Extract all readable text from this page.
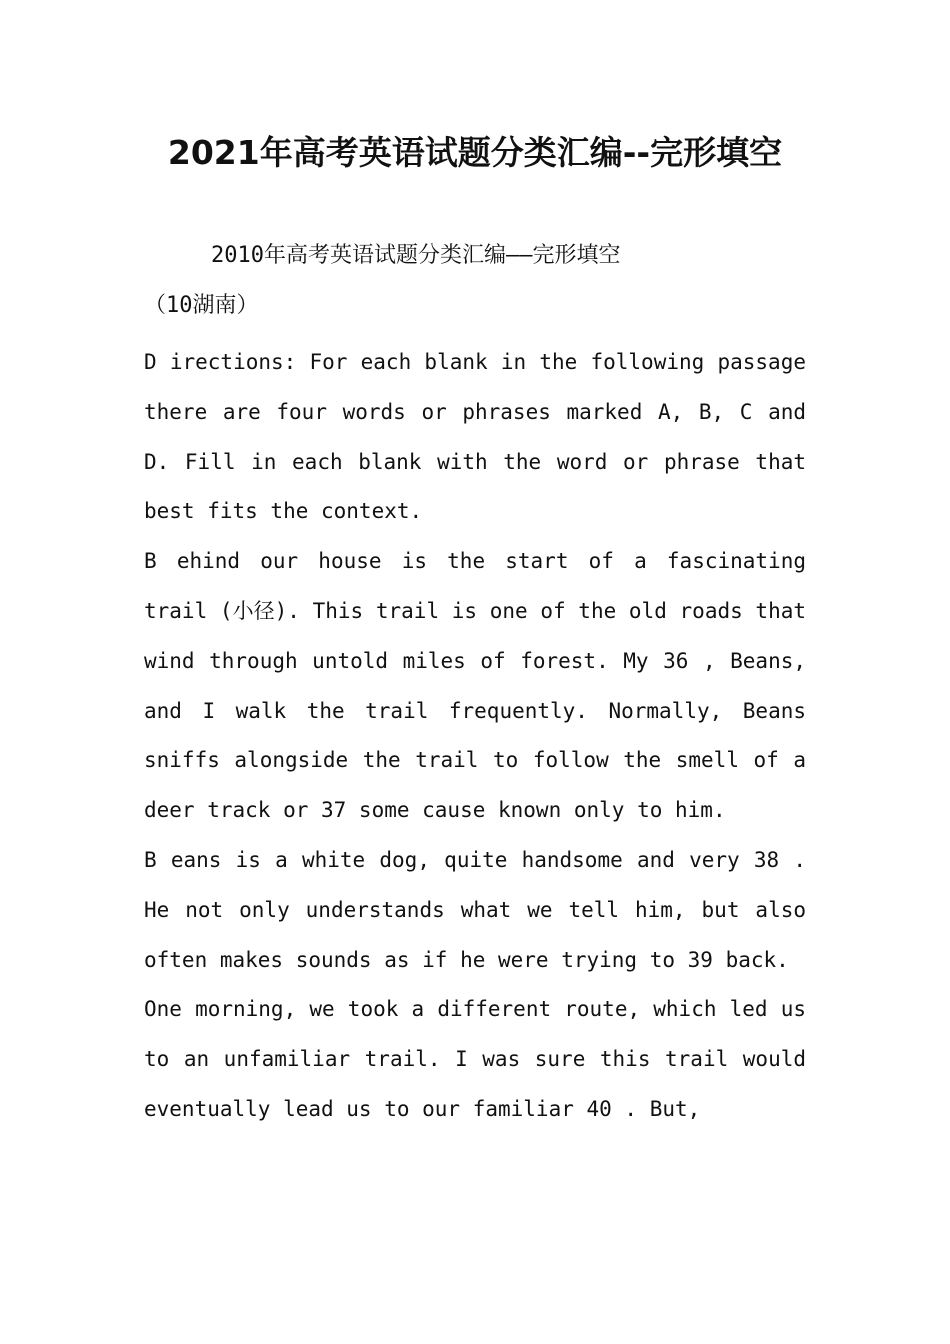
2021年高考英语试题分类汇编--完形填空
2010年高考英语试题分类汇编——完形填空
（10湖南）

D irections: For each blank in the following passage there are four words or phrases marked A, B, C and D. Fill in each blank with the word or phrase that best fits the context.

B ehind our house is the start of a fascinating trail (小径). This trail is one of the old roads that wind through untold miles of forest. My 36 , Beans, and I walk the trail frequently. Normally, Beans sniffs alongside the trail to follow the smell of a deer track or 37 some cause known only to him.

B eans is a white dog, quite handsome and very 38 . He not only understands what we tell him, but also often makes sounds as if he were trying to 39 back.

One morning, we took a different route, which led us to an unfamiliar trail. I was sure this trail would eventually lead us to our familiar 40 . But,
